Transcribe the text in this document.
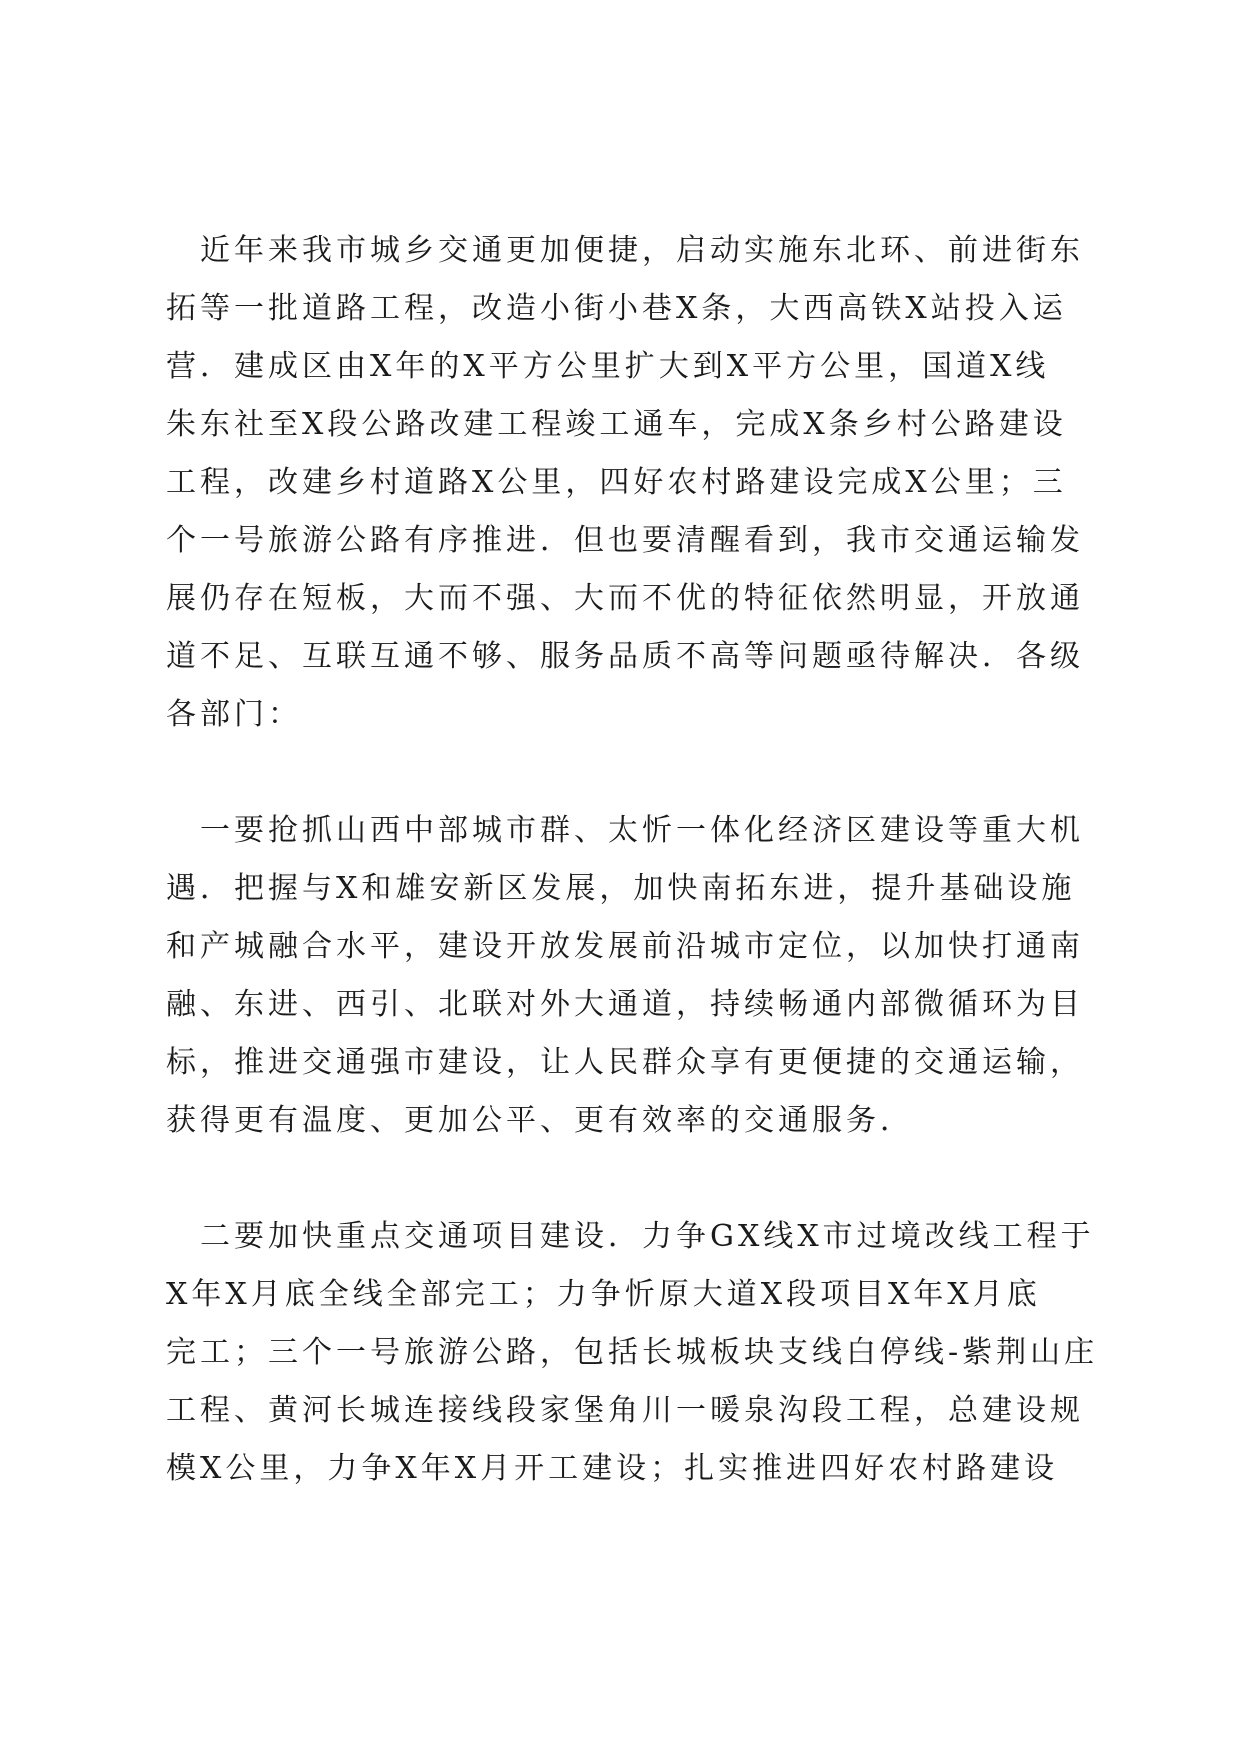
　近年来我市城乡交通更加便捷，启动实施东北环、前进街东
拓等一批道路工程，改造小街小巷X条，大西高铁X站投入运
营．建成区由X年的X平方公里扩大到X平方公里，国道X线
朱东社至X段公路改建工程竣工通车，完成X条乡村公路建设
工程，改建乡村道路X公里，四好农村路建设完成X公里；三
个一号旅游公路有序推进．但也要清醒看到，我市交通运输发
展仍存在短板，大而不强、大而不优的特征依然明显，开放通
道不足、互联互通不够、服务品质不高等问题亟待解决．各级
各部门：
　一要抢抓山西中部城市群、太忻一体化经济区建设等重大机
遇．把握与X和雄安新区发展，加快南拓东进，提升基础设施
和产城融合水平，建设开放发展前沿城市定位，以加快打通南
融、东进、西引、北联对外大通道，持续畅通内部微循环为目
标，推进交通强市建设，让人民群众享有更便捷的交通运输，
获得更有温度、更加公平、更有效率的交通服务．
　二要加快重点交通项目建设．力争GX线X市过境改线工程于
X年X月底全线全部完工；力争忻原大道X段项目X年X月底
完工；三个一号旅游公路，包括长城板块支线白停线-紫荆山庄
工程、黄河长城连接线段家堡角川一暖泉沟段工程，总建设规
模X公里，力争X年X月开工建设；扎实推进四好农村路建设
